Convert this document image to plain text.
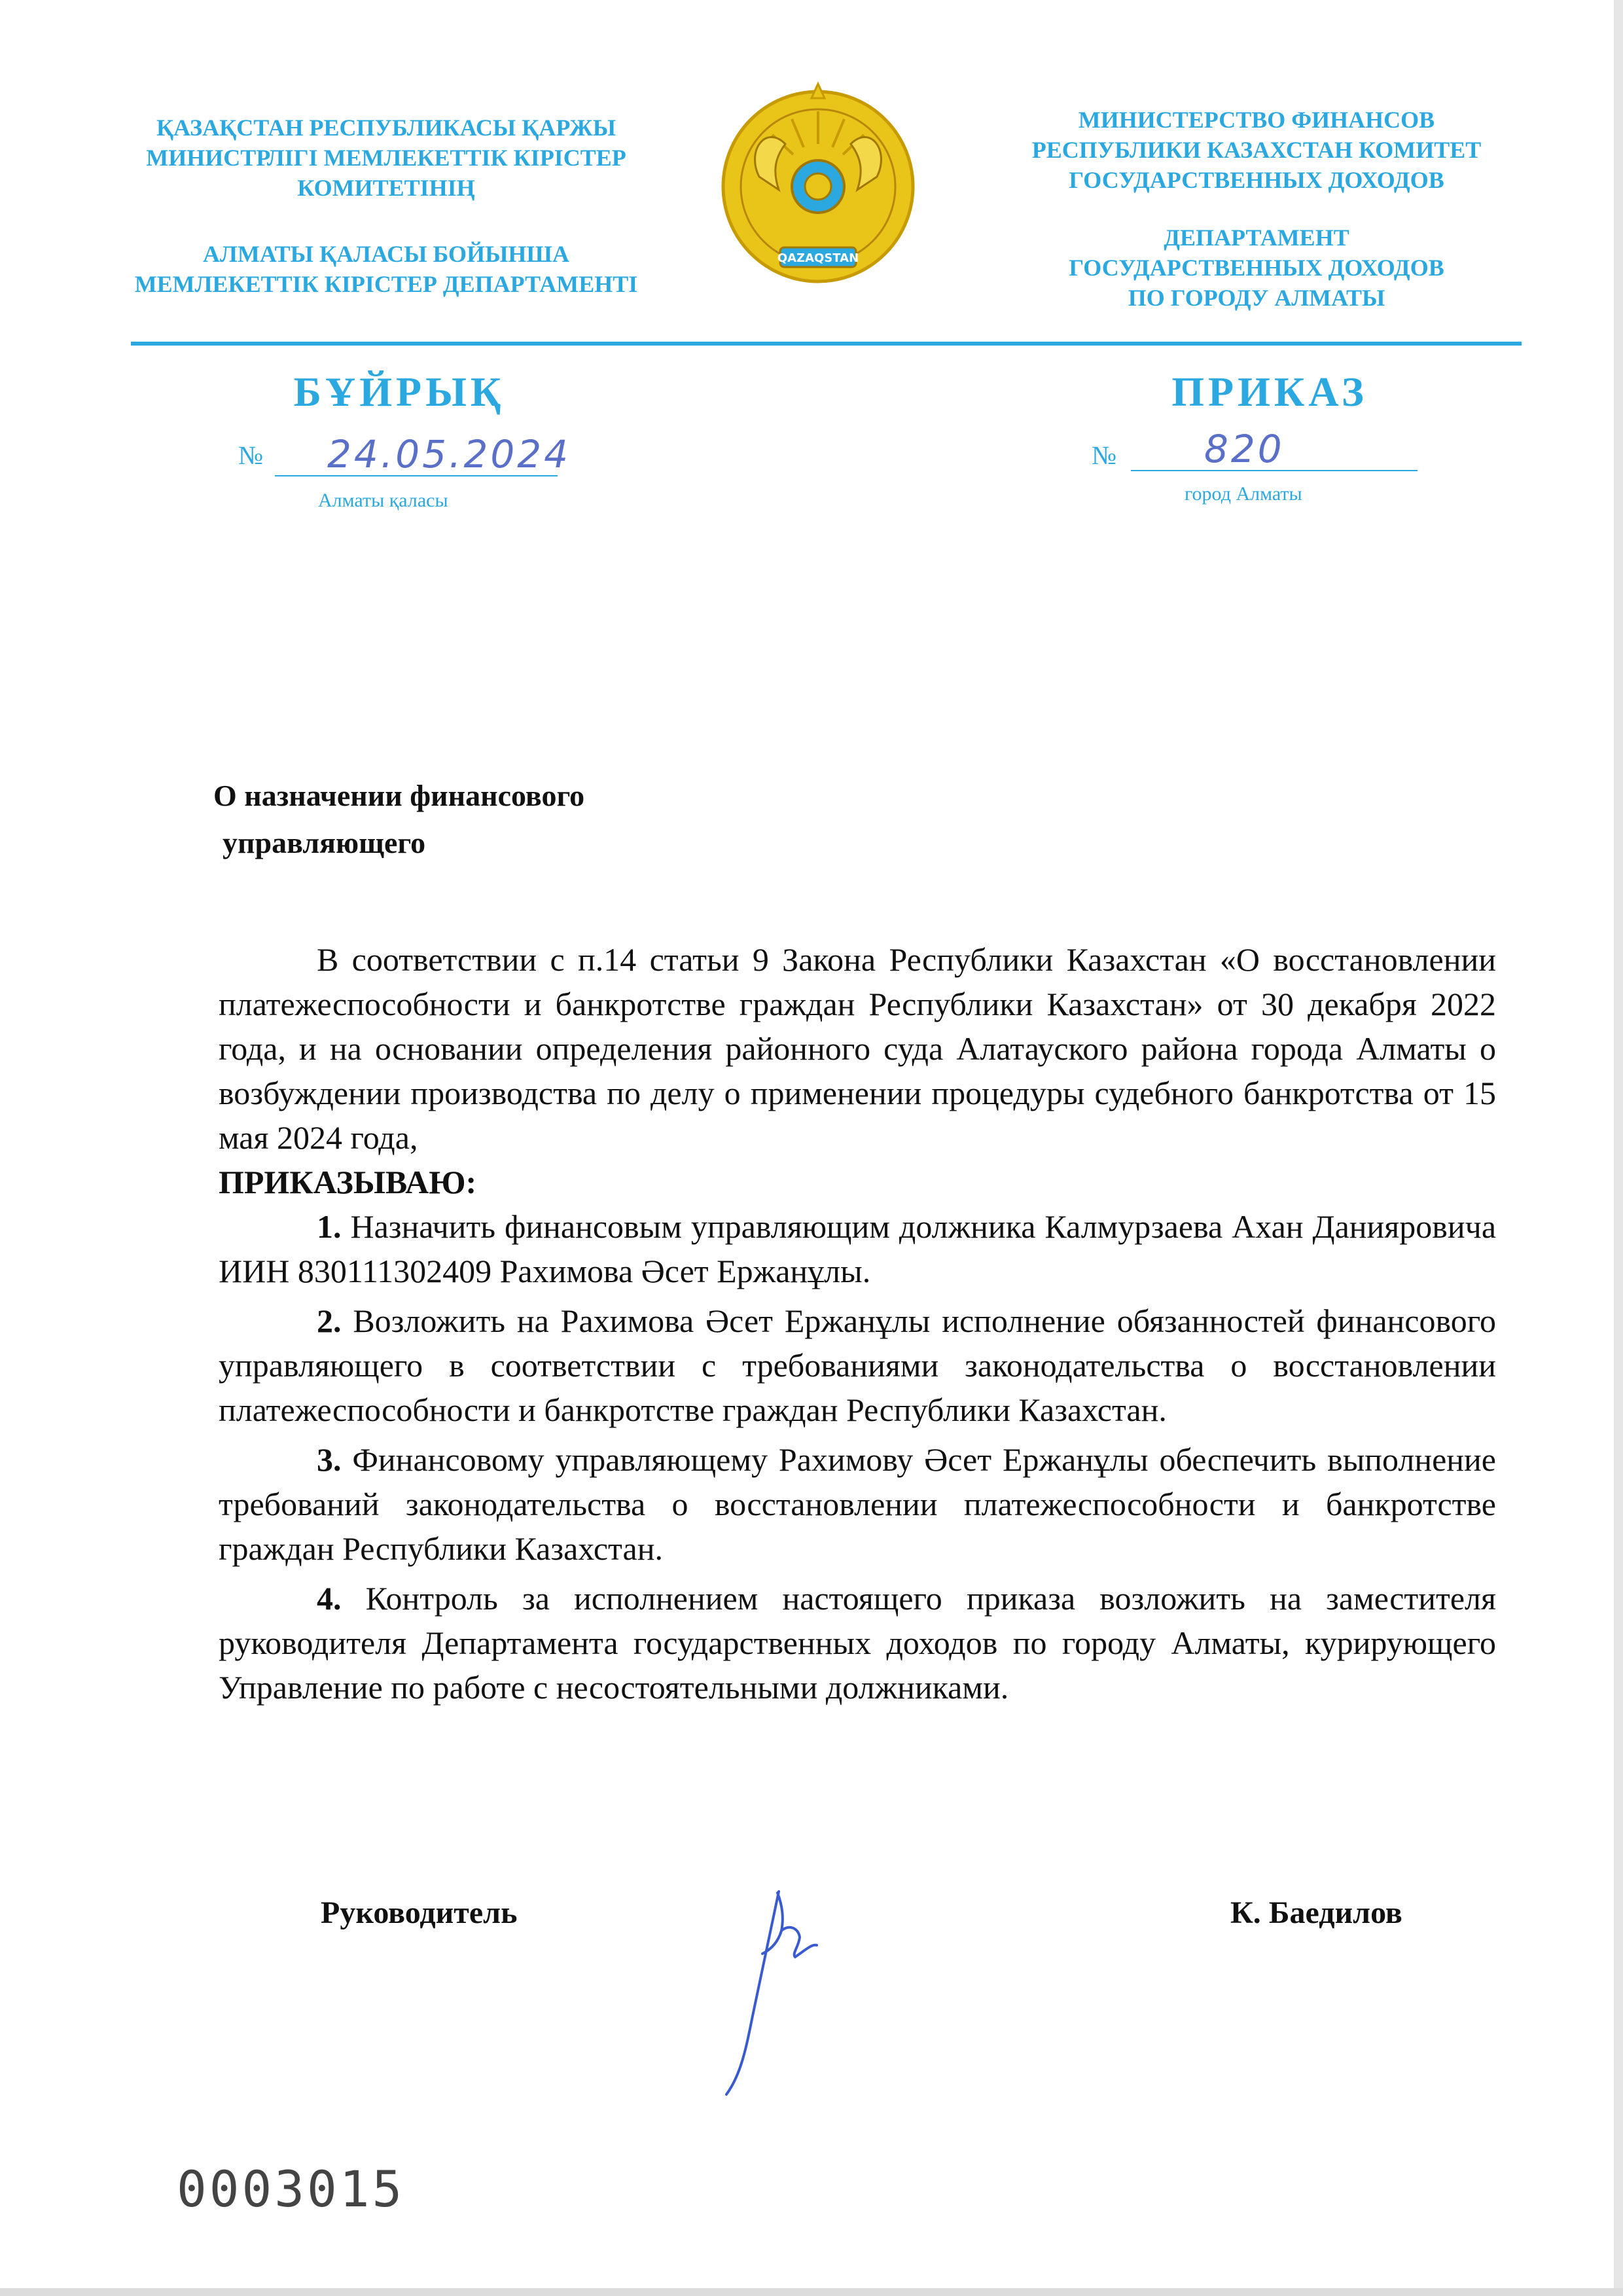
ҚАЗАҚСТАН РЕСПУБЛИКАСЫ ҚАРЖЫ
МИНИСТРЛІГІ МЕМЛЕКЕТТІК КІРІСТЕР
КОМИТЕТІНІҢ
АЛМАТЫ ҚАЛАСЫ БОЙЫНША
МЕМЛЕКЕТТІК КІРІСТЕР ДЕПАРТАМЕНТІ
МИНИСТЕРСТВО ФИНАНСОВ
РЕСПУБЛИКИ КАЗАХСТАН КОМИТЕТ
ГОСУДАРСТВЕННЫХ ДОХОДОВ
ДЕПАРТАМЕНТ
ГОСУДАРСТВЕННЫХ ДОХОДОВ
ПО ГОРОДУ АЛМАТЫ
QAZAQSTAN
БҰЙРЫҚ	ПРИКАЗ
№ 24.05.2024	№ 820
Алматы қаласы	город Алматы
О назначении финансового
управляющего

В соответствии с п.14 статьи 9 Закона Республики Казахстан «О восстановлении платежеспособности и банкротстве граждан Республики Казахстан» от 30 декабря 2022 года, и на основании определения районного суда Алатауского района города Алматы о возбуждении производства по делу о применении процедуры судебного банкротства от 15 мая 2024 года,
ПРИКАЗЫВАЮ:

1. Назначить финансовым управляющим должника Калмурзаева Ахан Данияровича ИИН 830111302409 Рахимова Әсет Ержанұлы.

2. Возложить на Рахимова Әсет Ержанұлы исполнение обязанностей финансового управляющего в соответствии с требованиями законодательства о восстановлении платежеспособности и банкротстве граждан Республики Казахстан.

3. Финансовому управляющему Рахимову Әсет Ержанұлы обеспечить выполнение требований законодательства о восстановлении платежеспособности и банкротстве граждан Республики Казахстан.

4. Контроль за исполнением настоящего приказа возложить на заместителя руководителя Департамента государственных доходов по городу Алматы, курирующего Управление по работе с несостоятельными должниками.

Руководитель	К. Баедилов
0003015
